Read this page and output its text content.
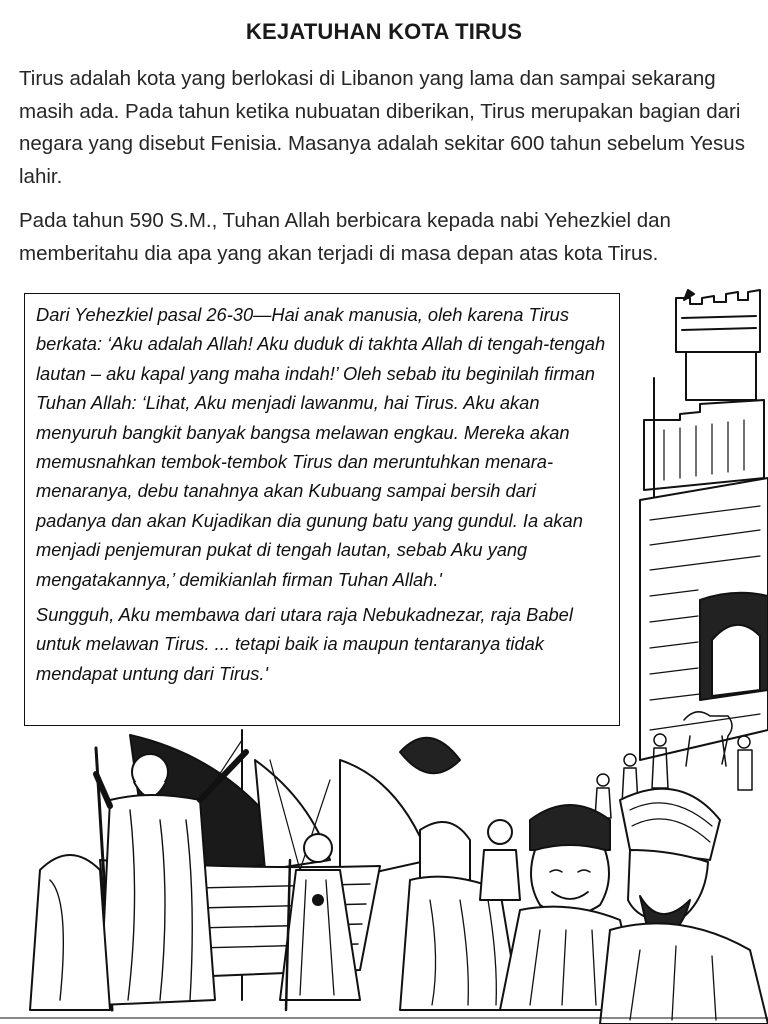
KEJATUHAN KOTA TIRUS
Tirus adalah kota yang berlokasi di Libanon yang lama dan sampai sekarang masih ada. Pada tahun ketika nubuatan diberikan, Tirus merupakan bagian dari negara yang disebut Fenisia. Masanya adalah sekitar 600 tahun sebelum Yesus lahir.
Pada tahun 590 S.M., Tuhan Allah berbicara kepada nabi Yehezkiel dan memberitahu dia apa yang akan terjadi di masa depan atas kota Tirus.

Dari Yehezkiel pasal 26-30—Hai anak manusia, oleh karena Tirus berkata: ‘Aku adalah Allah! Aku duduk di takhta Allah di tengah-tengah lautan – aku kapal yang maha indah!’ Oleh sebab itu beginilah firman Tuhan Allah: ‘Lihat, Aku menjadi lawanmu, hai Tirus. Aku akan menyuruh bangkit banyak bangsa melawan engkau. Mereka akan memusnahkan tembok-tembok Tirus dan meruntuhkan menara-menaranya, debu tanahnya akan Kubuang sampai bersih dari padanya dan akan Kujadikan dia gunung batu yang gundul. Ia akan menjadi penjemuran pukat di tengah lautan, sebab Aku yang mengatakannya,’ demikianlah firman Tuhan Allah.'

Sungguh, Aku membawa dari utara raja Nebukadnezar, raja Babel untuk melawan Tirus. ... tetapi baik ia maupun tentaranya tidak mendapat untung dari Tirus.'
